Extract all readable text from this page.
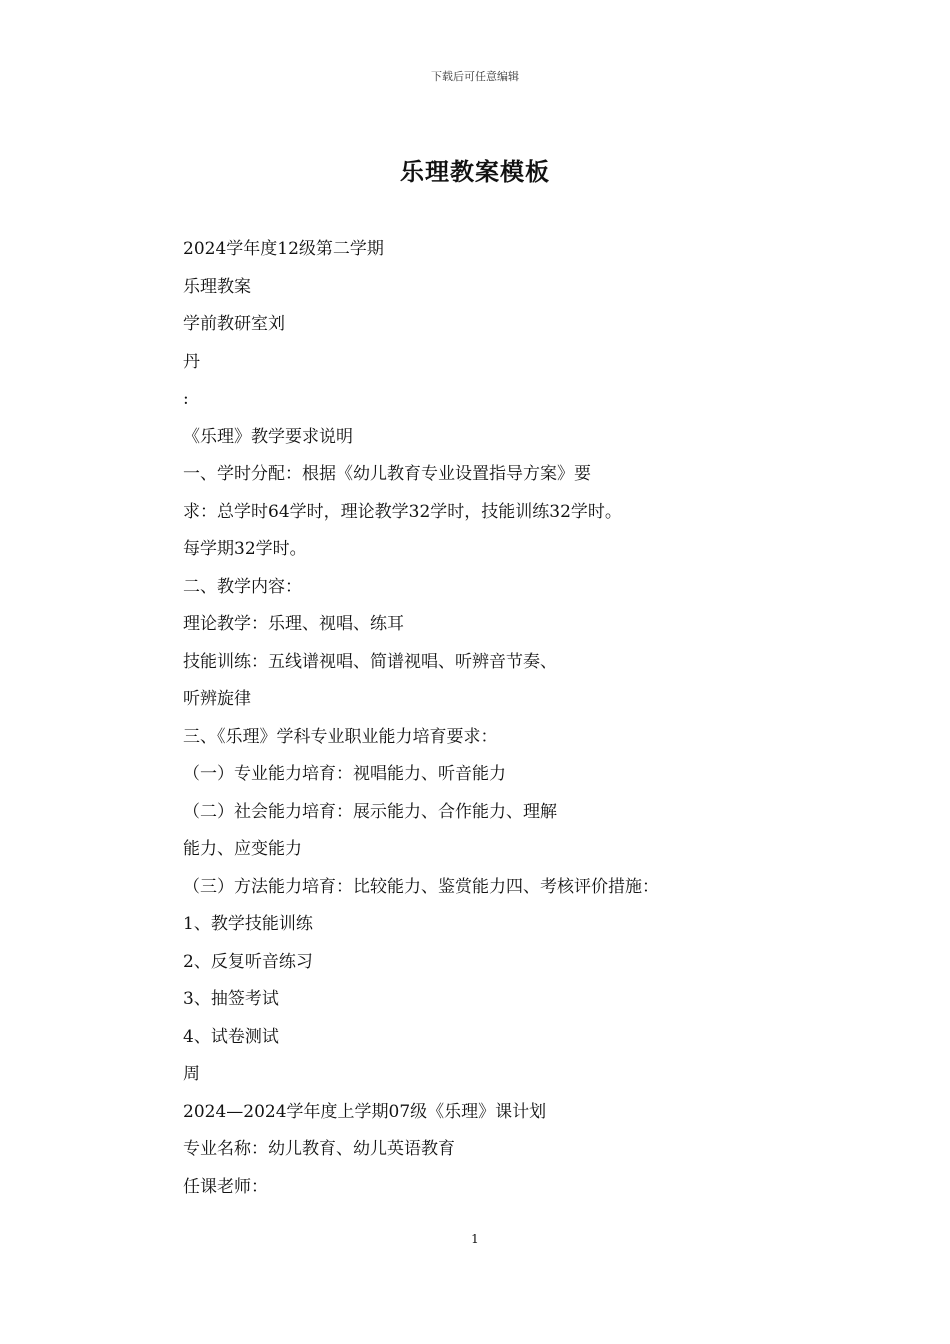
下载后可任意编辑
乐理教案模板
2024学年度12级第二学期
乐理教案
学前教研室刘
丹
:
《乐理》教学要求说明
一、学时分配：根据《幼儿教育专业设置指导方案》要
求：总学时64学时，理论教学32学时，技能训练32学时。
每学期32学时。
二、教学内容：
理论教学：乐理、视唱、练耳
技能训练：五线谱视唱、简谱视唱、听辨音节奏、
听辨旋律
三、《乐理》学科专业职业能力培育要求：
（一）专业能力培育：视唱能力、听音能力
（二）社会能力培育：展示能力、合作能力、理解
能力、应变能力
（三）方法能力培育：比较能力、鉴赏能力四、考核评价措施：
1、教学技能训练
2、反复听音练习
3、抽签考试
4、试卷测试
周
2024—2024学年度上学期07级《乐理》课计划
专业名称：幼儿教育、幼儿英语教育
任课老师：
1
